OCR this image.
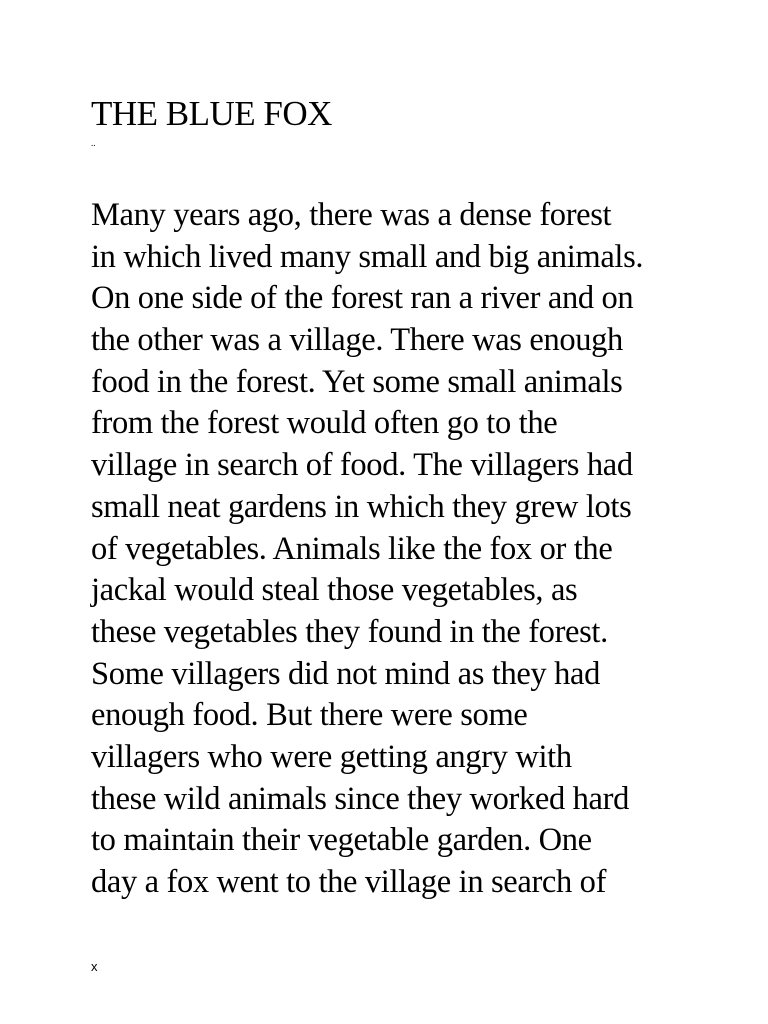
THE BLUE FOX
..
Many years ago, there was a dense forest
in which lived many small and big animals.
On one side of the forest ran a river and on
the other was a village. There was enough
food in the forest. Yet some small animals
from the forest would often go to the
village in search of food. The villagers had
small neat gardens in which they grew lots
of vegetables. Animals like the fox or the
jackal would steal those vegetables, as
these vegetables they found in the forest.
Some villagers did not mind as they had
enough food. But there were some
villagers who were getting angry with
these wild animals since they worked hard
to maintain their vegetable garden. One
day a fox went to the village in search of
x
